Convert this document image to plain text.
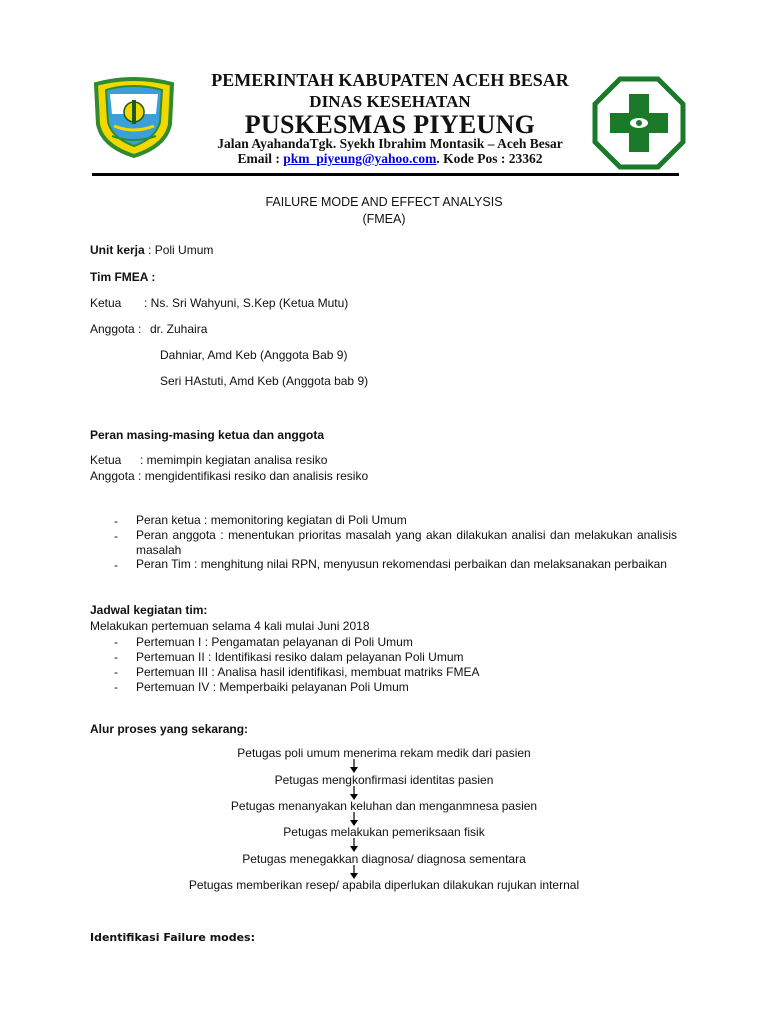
PEMERINTAH KABUPATEN ACEH BESAR
DINAS KESEHATAN
PUSKESMAS PIYEUNG
Jalan AyahandaTgk. Syekh Ibrahim Montasik – Aceh Besar
Email : pkm_piyeung@yahoo.com. Kode Pos : 23362
FAILURE MODE AND EFFECT ANALYSIS
(FMEA)
Unit kerja : Poli Umum
Tim FMEA :
Ketua : Ns. Sri Wahyuni, S.Kep (Ketua Mutu)
Anggota : dr. Zuhaira
Dahniar, Amd Keb (Anggota Bab 9)
Seri HAstuti, Amd Keb (Anggota bab 9)
Peran masing-masing ketua dan anggota
Ketua : memimpin kegiatan analisa resiko
Anggota : mengidentifikasi resiko dan analisis resiko
- Peran ketua : memonitoring kegiatan di Poli Umum
- Peran anggota : menentukan prioritas masalah yang akan dilakukan analisi dan melakukan analisis masalah
- Peran Tim : menghitung nilai RPN, menyusun rekomendasi perbaikan dan melaksanakan perbaikan
Jadwal kegiatan tim:
Melakukan pertemuan selama 4 kali mulai Juni 2018
- Pertemuan I : Pengamatan pelayanan di Poli Umum
- Pertemuan II : Identifikasi resiko dalam pelayanan Poli Umum
- Pertemuan III : Analisa hasil identifikasi, membuat matriks FMEA
- Pertemuan IV : Memperbaiki pelayanan Poli Umum
Alur proses yang sekarang:
Petugas poli umum menerima rekam medik dari pasien
Petugas mengkonfirmasi identitas pasien
Petugas menanyakan keluhan dan menganmnesa pasien
Petugas melakukan pemeriksaan fisik
Petugas menegakkan diagnosa/ diagnosa sementara
Petugas memberikan resep/ apabila diperlukan dilakukan rujukan internal
Identifikasi Failure modes:
